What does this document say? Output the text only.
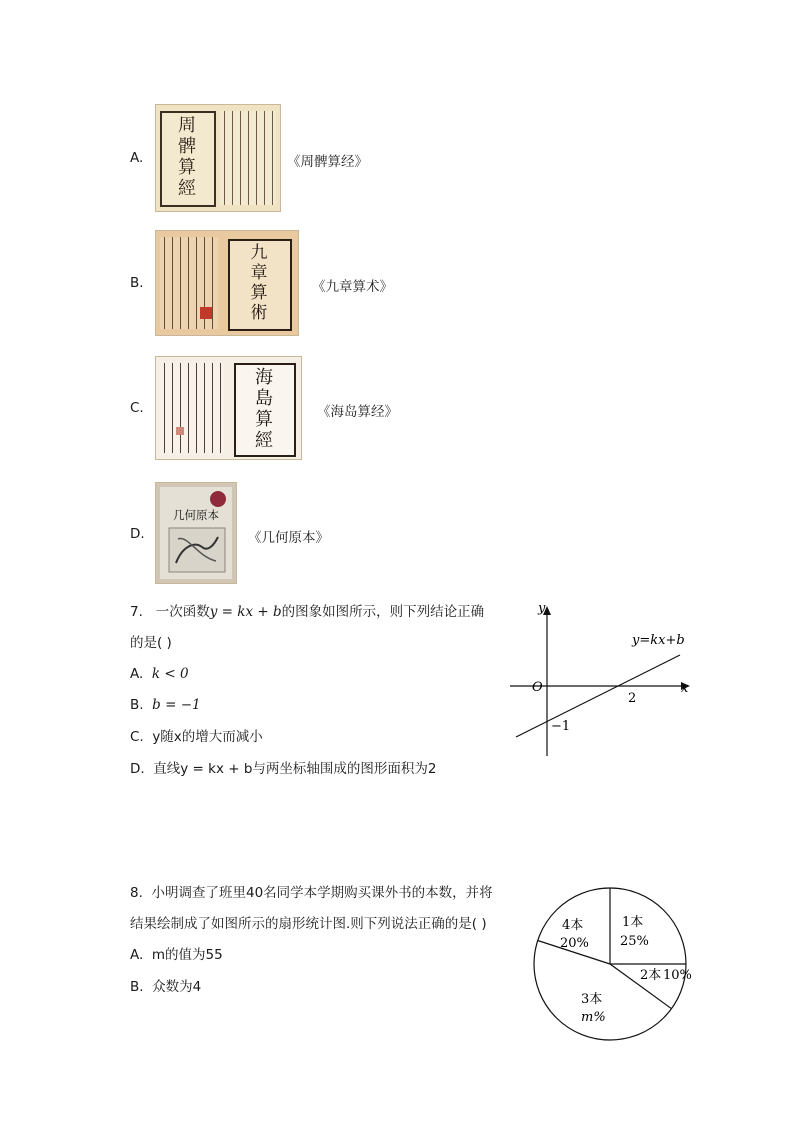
A.
周
髀
算
經
《周髀算经》
B.
九
章
算
術
《九章算术》
C.
海
島
算
經
《海岛算经》
D.
几何原本
《几何原本》
7. 一次函数y = kx + b的图象如图所示，则下列结论正确
的是( )
A. k < 0
B. b = −1
C. y随x的增大而减小
D. 直线y = kx + b与两坐标轴围成的图形面积为2
y
x
O
2
−1
y=kx+b
8. 小明调查了班里40名同学本学期购买课外书的本数，并将
结果绘制成了如图所示的扇形统计图.则下列说法正确的是( )
A. m的值为55
B. 众数为4
1本
25%
2本 10%
3本
m%
4本
20%
